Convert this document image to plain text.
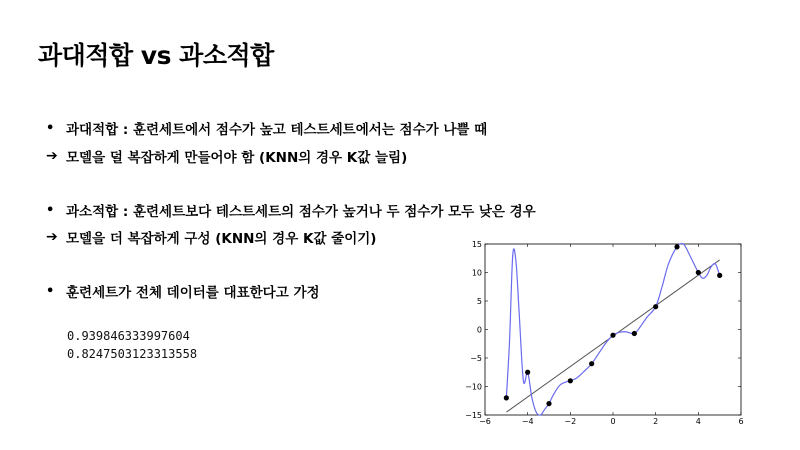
과대적합 vs 과소적합
• 과대적합 : 훈련세트에서 점수가 높고 테스트세트에서는 점수가 나쁠 때
➔ 모델을 덜 복잡하게 만들어야 함 (KNN의 경우 K값 늘림)
• 과소적합 : 훈련세트보다 테스트세트의 점수가 높거나 두 점수가 모두 낮은 경우
➔ 모델을 더 복잡하게 구성 (KNN의 경우 K값 줄이기)
• 훈련세트가 전체 데이터를 대표한다고 가정
0.939846333997604
0.8247503123313558
−6	−4	−2	0	2	4	6
15
10
5
0
−5
−10
−15
